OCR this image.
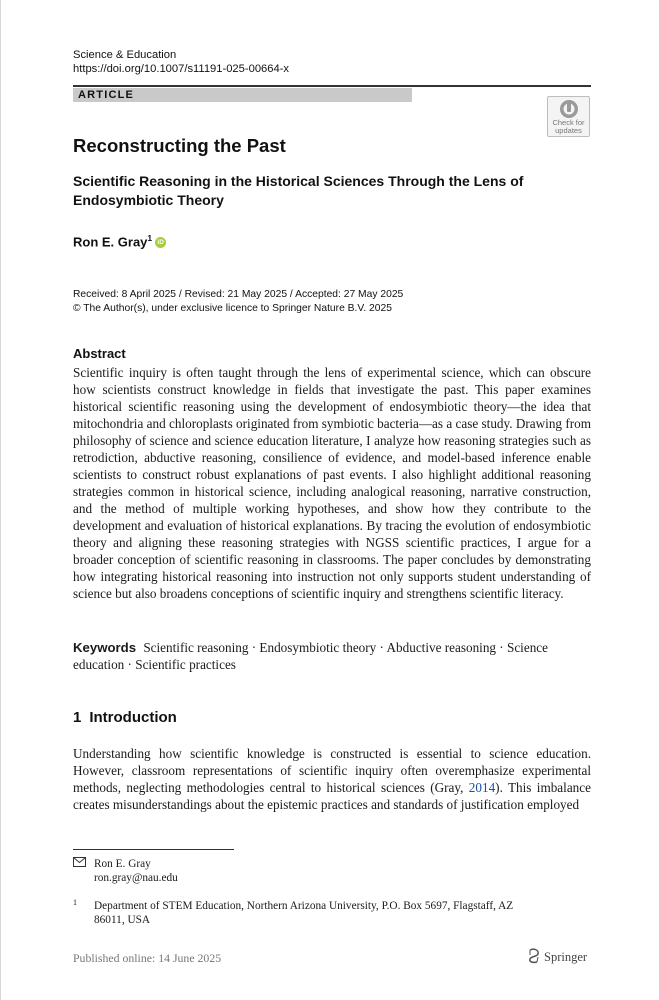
Science & Education
https://doi.org/10.1007/s11191-025-00664-x
ARTICLE
Check for updates
Reconstructing the Past
Scientific Reasoning in the Historical Sciences Through the Lens of Endosymbiotic Theory
Ron E. Gray$^1$ iD
Received: 8 April 2025 / Revised: 21 May 2025 / Accepted: 27 May 2025
© The Author(s), under exclusive licence to Springer Nature B.V. 2025
Abstract
Scientific inquiry is often taught through the lens of experimental science, which can obscure how scientists construct knowledge in fields that investigate the past. This paper examines historical scientific reasoning using the development of endosymbiotic theory—the idea that mitochondria and chloroplasts originated from symbiotic bacteria—as a case study. Drawing from philosophy of science and science education literature, I analyze how reasoning strategies such as retrodiction, abductive reasoning, consilience of evidence, and model-based inference enable scientists to construct robust explanations of past events. I also highlight additional reasoning strategies common in historical science, including analogical reasoning, narrative construction, and the method of multiple working hypotheses, and show how they contribute to the development and evaluation of historical explanations. By tracing the evolution of endosymbiotic theory and aligning these reasoning strategies with NGSS scientific practices, I argue for a broader conception of scientific reasoning in classrooms. The paper concludes by demonstrating how integrating historical reasoning into instruction not only supports student understanding of science but also broadens conceptions of scientific inquiry and strengthens scientific literacy.
Keywords Scientific reasoning · Endosymbiotic theory · Abductive reasoning · Science education · Scientific practices
1 Introduction
Understanding how scientific knowledge is constructed is essential to science education. However, classroom representations of scientific inquiry often overemphasize experimental methods, neglecting methodologies central to historical sciences (Gray, 2014). This imbalance creates misunderstandings about the epistemic practices and standards of justification employed
Ron E. Gray
ron.gray@nau.edu
1 Department of STEM Education, Northern Arizona University, P.O. Box 5697, Flagstaff, AZ 86011, USA
Published online: 14 June 2025	Springer
